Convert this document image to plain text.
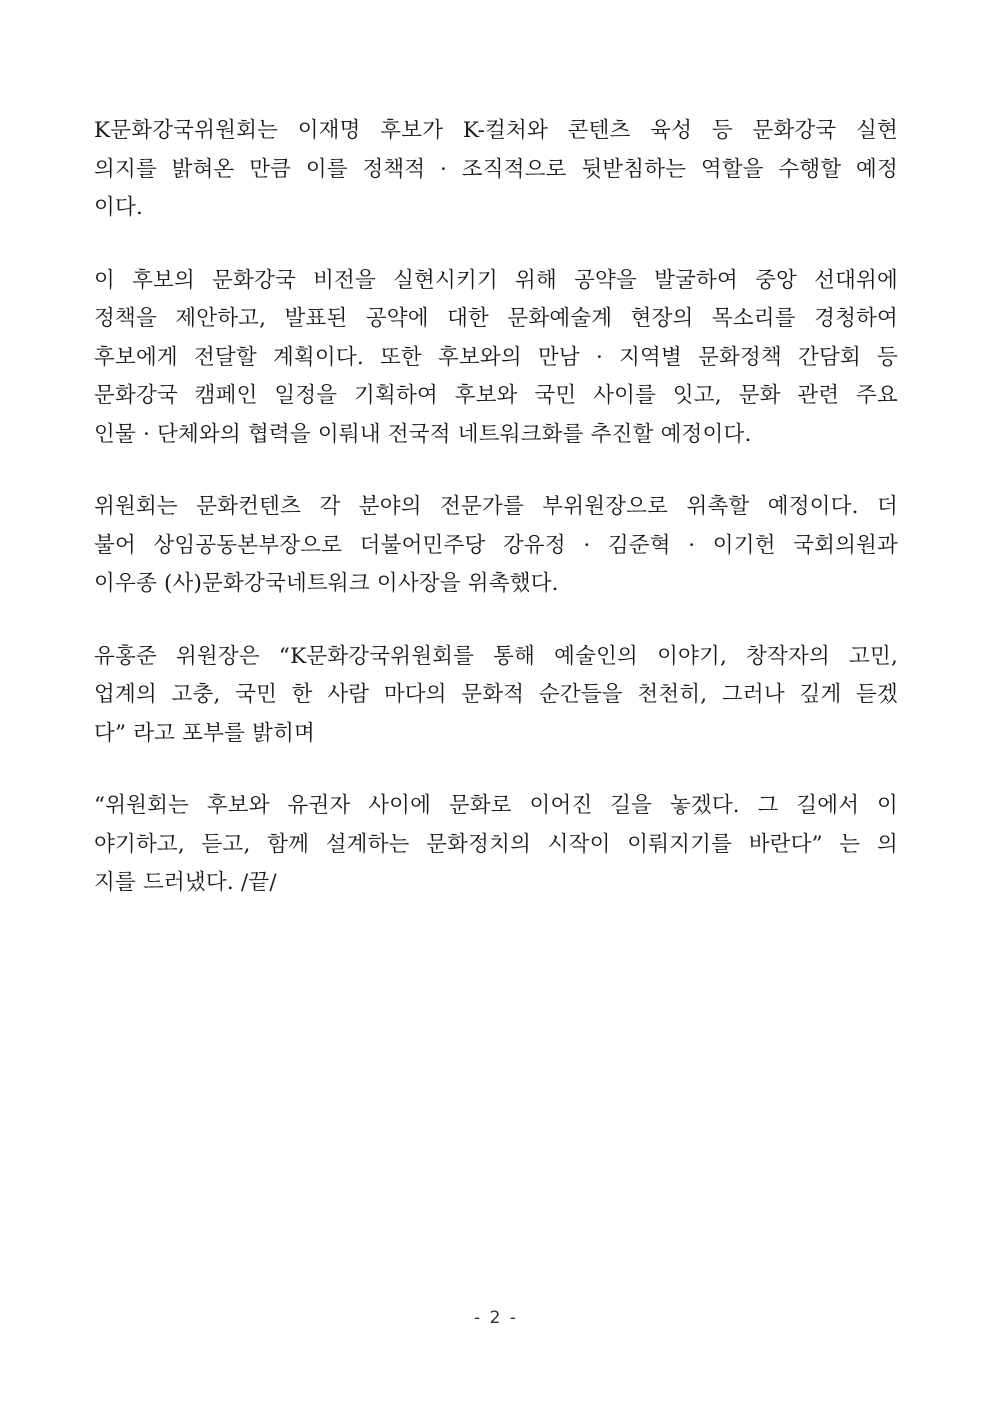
K문화강국위원회는 이재명 후보가 K-컬처와 콘텐츠 육성 등 문화강국 실현
의지를 밝혀온 만큼 이를 정책적 · 조직적으로 뒷받침하는 역할을 수행할 예정
이다.

이 후보의 문화강국 비전을 실현시키기 위해 공약을 발굴하여 중앙 선대위에
정책을 제안하고, 발표된 공약에 대한 문화예술계 현장의 목소리를 경청하여
후보에게 전달할 계획이다. 또한 후보와의 만남 · 지역별 문화정책 간담회 등
문화강국 캠페인 일정을 기획하여 후보와 국민 사이를 잇고, 문화 관련 주요
인물 · 단체와의 협력을 이뤄내 전국적 네트워크화를 추진할 예정이다.

위원회는 문화컨텐츠 각 분야의 전문가를 부위원장으로 위촉할 예정이다. 더
불어 상임공동본부장으로 더불어민주당 강유정 · 김준혁 · 이기헌 국회의원과
이우종 (사)문화강국네트워크 이사장을 위촉했다.

유홍준 위원장은 “K문화강국위원회를 통해 예술인의 이야기, 창작자의 고민,
업계의 고충, 국민 한 사람 마다의 문화적 순간들을 천천히, 그러나 깊게 듣겠
다” 라고 포부를 밝히며

“위원회는 후보와 유권자 사이에 문화로 이어진 길을 놓겠다. 그 길에서 이
야기하고, 듣고, 함께 설계하는 문화정치의 시작이 이뤄지기를 바란다” 는 의
지를 드러냈다. /끝/

- 2 -
